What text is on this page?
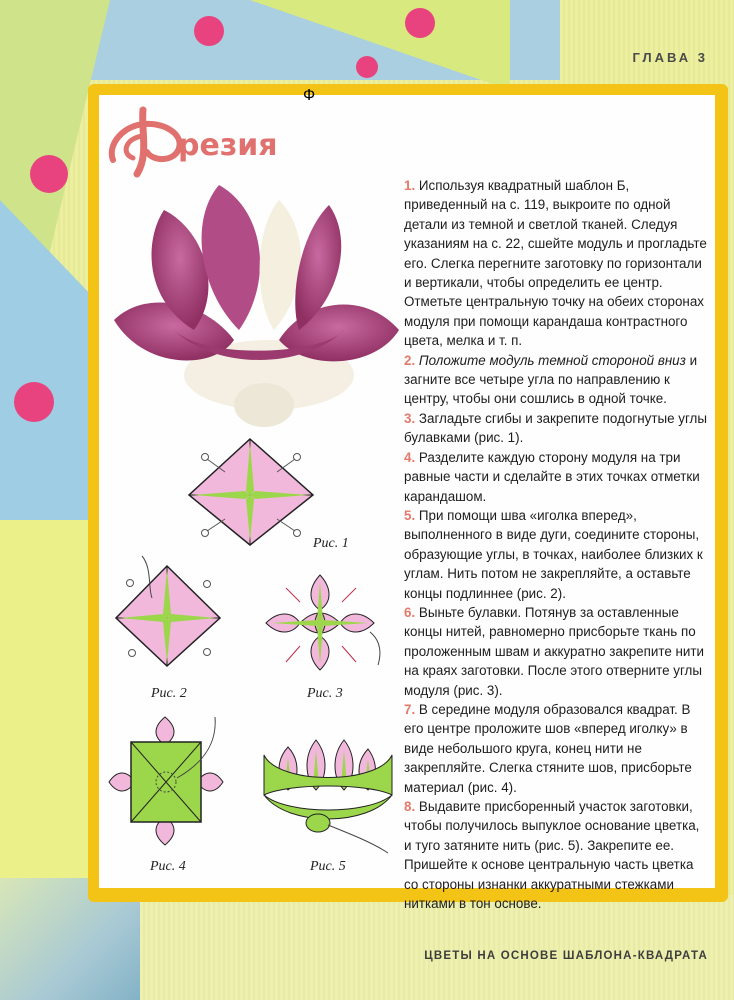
ГЛАВА 3
Ф
резия
Рис. 1
Рис. 2	Рис. 3
Рис. 4	Рис. 5

1. Используя квадратный шаблон Б, приведенный на с. 119, выкроите по одной детали из темной и светлой тканей. Следуя указаниям на с. 22, сшейте модуль и прогладьте его. Слегка перегните заготовку по горизонтали и вертикали, чтобы определить ее центр. Отметьте центральную точку на обеих сторонах модуля при помощи карандаша контрастного цвета, мелка и т. п.

2. Положите модуль темной стороной вниз и загните все четыре угла по направлению к центру, чтобы они сошлись в одной точке.

3. Загладьте сгибы и закрепите подогнутые углы булавками (рис. 1).

4. Разделите каждую сторону модуля на три равные части и сделайте в этих точках отметки карандашом.

5. При помощи шва «иголка вперед», выполненного в виде дуги, соедините стороны, образующие углы, в точках, наиболее близких к углам. Нить потом не закрепляйте, а оставьте концы подлиннее (рис. 2).

6. Выньте булавки. Потянув за оставленные концы нитей, равномерно присборьте ткань по проложенным швам и аккуратно закрепите нити на краях заготовки. После этого отверните углы модуля (рис. 3).

7. В середине модуля образовался квадрат. В его центре проложите шов «вперед иголку» в виде небольшого круга, конец нити не закрепляйте. Слегка стяните шов, присборьте материал (рис. 4).

8. Выдавите присборенный участок заготовки, чтобы получилось выпуклое основание цветка, и туго затяните нить (рис. 5). Закрепите ее. Пришейте к основе центральную часть цветка со стороны изнанки аккуратными стежками нитками в тон основе.

ЦВЕТЫ НА ОСНОВЕ ШАБЛОНА-КВАДРАТА
